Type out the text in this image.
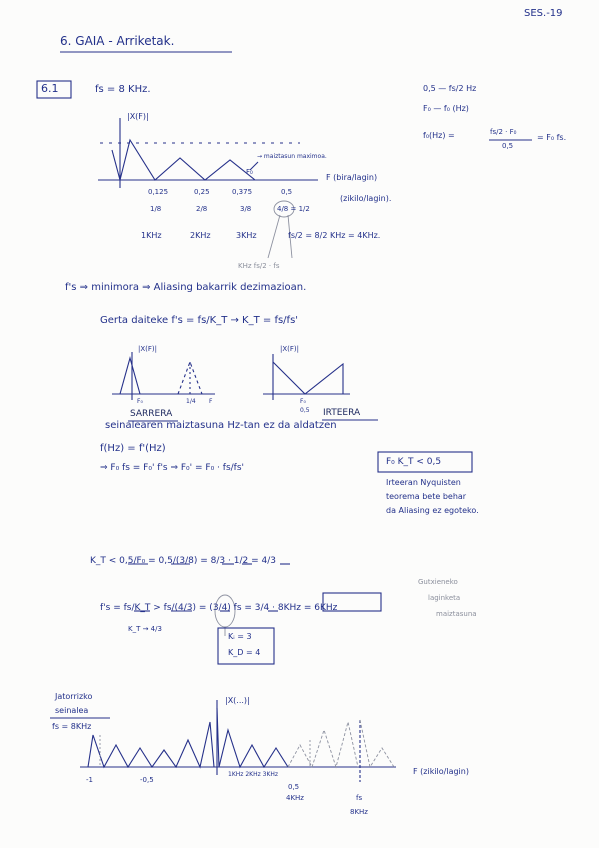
SES.-19
6. GAIA - Arriketak.
6.1	fs = 8 KHz.	0,5 — fs/2 Hz
F₀ — f₀ (Hz)
f₀(Hz) =	fs/2 · F₀
0,5
= F₀ fs.
|X(F)|
F (bira/lagin)
(zikilo/lagin).
F₀
→ maiztasun maximoa.
0,125	0,25	0,375	0,5
1/8	2/8	3/8	4/8 = 1/2
1KHz	2KHz	3KHz	fs/2 = 8/2 KHz = 4KHz.
KHz fs/2 · fs
f's ⇒ minimora ⇒ Aliasing bakarrik dezimazioan.
Gerta daiteke f's = fs/K_T → K_T = fs/fs'
|X(F)|
F₀	1/4 F
|X(F)|
F₀
0,5
SARRERA	IRTEERA
seinalearen maiztasuna Hz-tan ez da aldatzen
f(Hz) = f'(Hz)
⇒ F₀ fs = F₀' f's ⇒ F₀' = F₀ · fs/fs'
F₀ K_T < 0,5
Irteeran Nyquisten
teorema bete behar
da Aliasing ez egoteko.
K_T < 0,5/F₀ = 0,5/(3/8) = 8/3 · 1/2 = 4/3
f's = fs/K_T > fs/(4/3) = (3/4) fs = 3/4 · 8KHz = 6KHz
K_T → 4/3
Kᵢ = 3
K_D = 4
Gutxieneko
laginketa
maiztasuna
Jatorrizko
seinalea
fs = 8KHz
|X(...)|
F (zikilo/lagin)
-1	-0,5
0,5
1KHz 2KHz 3KHz
4KHz	fs
8KHz
